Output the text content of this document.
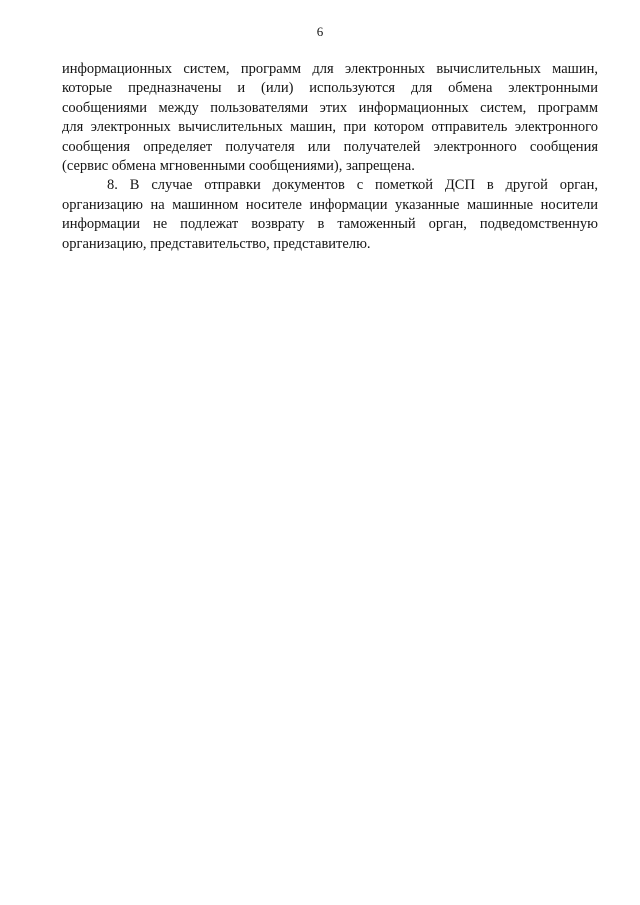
6
информационных систем, программ для электронных вычислительных машин,
которые предназначены и (или) используются для обмена электронными
сообщениями между пользователями этих информационных систем, программ
для электронных вычислительных машин, при котором отправитель электронного
сообщения определяет получателя или получателей электронного сообщения
(сервис обмена мгновенными сообщениями), запрещена.
8. В случае отправки документов с пометкой ДСП в другой орган,
организацию на машинном носителе информации указанные машинные носители
информации не подлежат возврату в таможенный орган, подведомственную
организацию, представительство, представителю.
